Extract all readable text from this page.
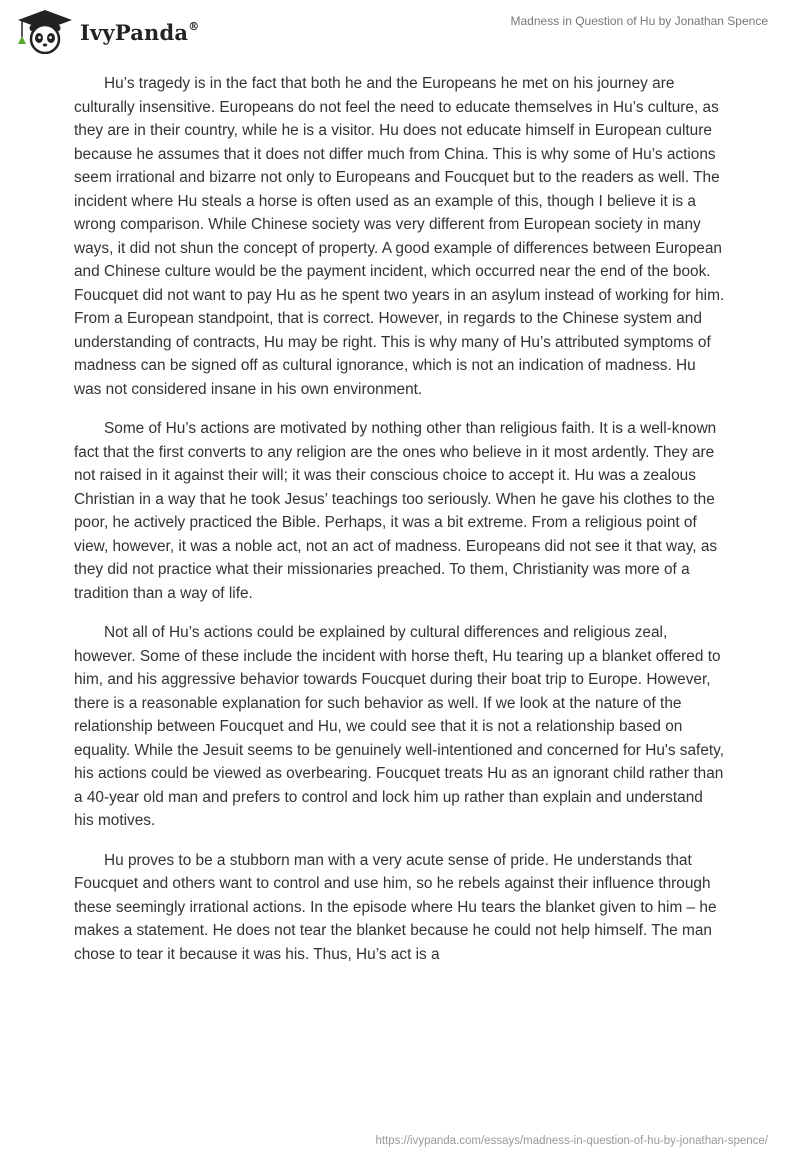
IvyPanda®	Madness in Question of Hu by Jonathan Spence

Hu’s tragedy is in the fact that both he and the Europeans he met on his journey are culturally insensitive. Europeans do not feel the need to educate themselves in Hu’s culture, as they are in their country, while he is a visitor. Hu does not educate himself in European culture because he assumes that it does not differ much from China. This is why some of Hu’s actions seem irrational and bizarre not only to Europeans and Foucquet but to the readers as well. The incident where Hu steals a horse is often used as an example of this, though I believe it is a wrong comparison. While Chinese society was very different from European society in many ways, it did not shun the concept of property. A good example of differences between European and Chinese culture would be the payment incident, which occurred near the end of the book. Foucquet did not want to pay Hu as he spent two years in an asylum instead of working for him. From a European standpoint, that is correct. However, in regards to the Chinese system and understanding of contracts, Hu may be right. This is why many of Hu’s attributed symptoms of madness can be signed off as cultural ignorance, which is not an indication of madness. Hu was not considered insane in his own environment.

Some of Hu’s actions are motivated by nothing other than religious faith. It is a well-known fact that the first converts to any religion are the ones who believe in it most ardently. They are not raised in it against their will; it was their conscious choice to accept it. Hu was a zealous Christian in a way that he took Jesus’ teachings too seriously. When he gave his clothes to the poor, he actively practiced the Bible. Perhaps, it was a bit extreme. From a religious point of view, however, it was a noble act, not an act of madness. Europeans did not see it that way, as they did not practice what their missionaries preached. To them, Christianity was more of a tradition than a way of life.

Not all of Hu’s actions could be explained by cultural differences and religious zeal, however. Some of these include the incident with horse theft, Hu tearing up a blanket offered to him, and his aggressive behavior towards Foucquet during their boat trip to Europe. However, there is a reasonable explanation for such behavior as well. If we look at the nature of the relationship between Foucquet and Hu, we could see that it is not a relationship based on equality. While the Jesuit seems to be genuinely well-intentioned and concerned for Hu's safety, his actions could be viewed as overbearing. Foucquet treats Hu as an ignorant child rather than a 40-year old man and prefers to control and lock him up rather than explain and understand his motives.

Hu proves to be a stubborn man with a very acute sense of pride. He understands that Foucquet and others want to control and use him, so he rebels against their influence through these seemingly irrational actions. In the episode where Hu tears the blanket given to him – he makes a statement. He does not tear the blanket because he could not help himself. The man chose to tear it because it was his. Thus, Hu’s act is a

https://ivypanda.com/essays/madness-in-question-of-hu-by-jonathan-spence/
